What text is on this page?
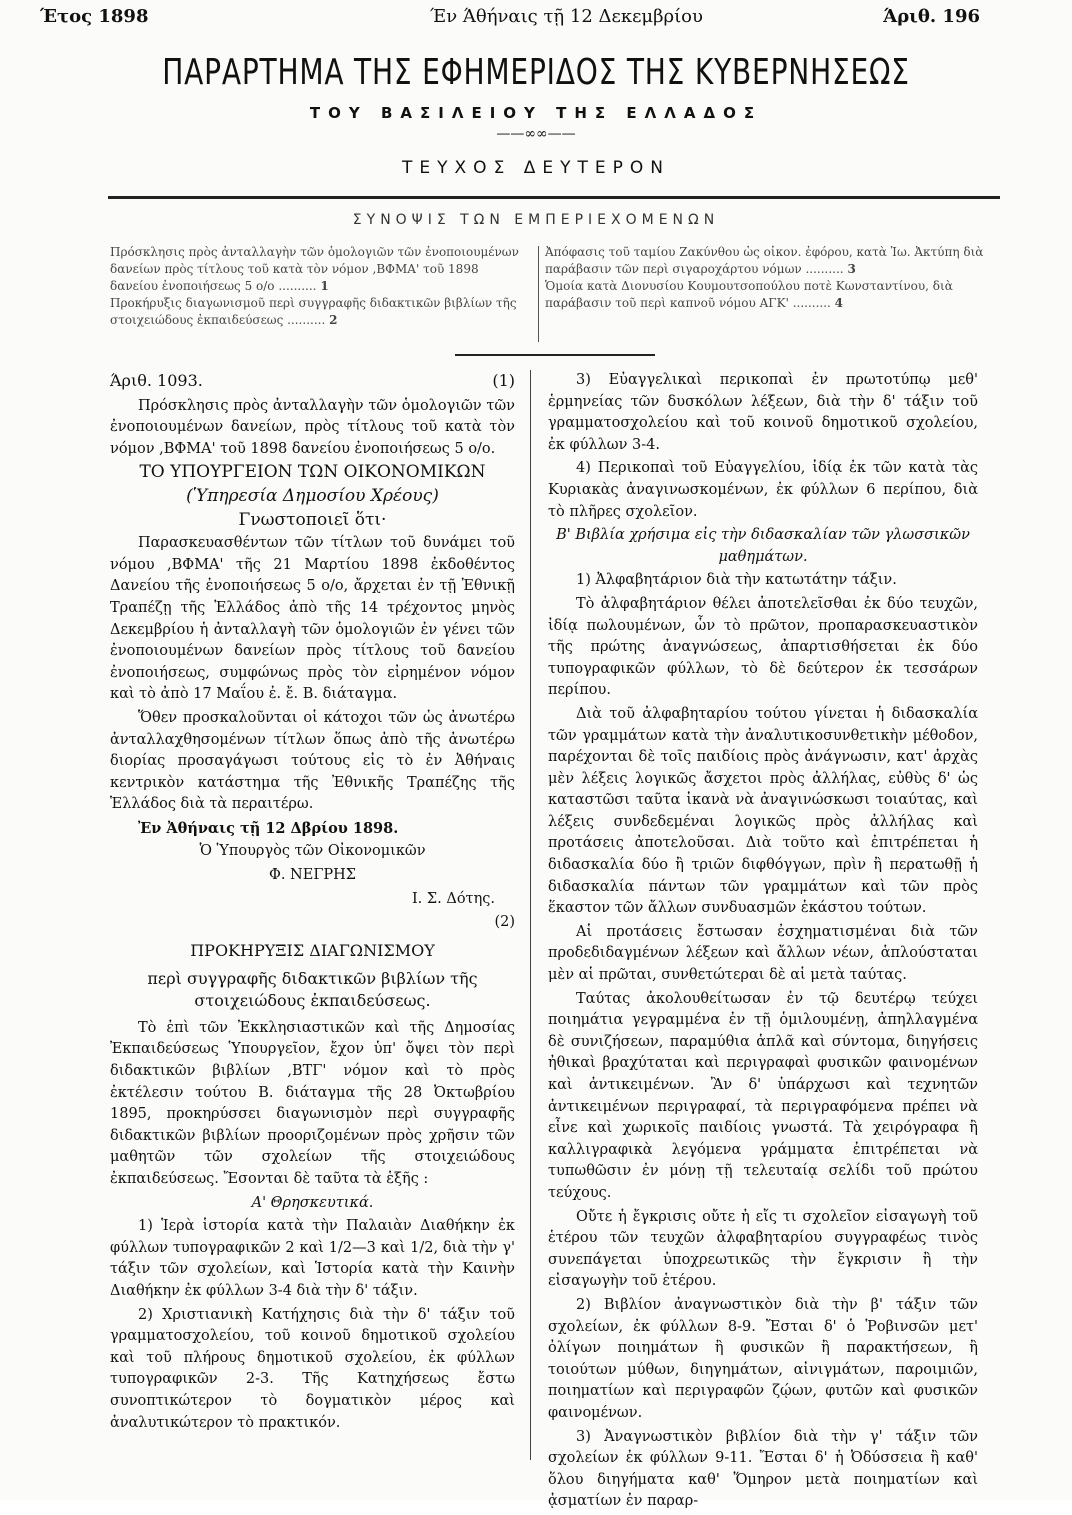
Έτος 1898	Έν Άθήναις τῇ 12 Δεκεμβρίου	Άριθ. 196
ΠΑΡΑΡΤΗΜΑ ΤΗΣ ΕΦΗΜΕΡΙΔΟΣ ΤΗΣ ΚΥΒΕΡΝΗΣΕΩΣ
ΤΟΥ ΒΑΣΙΛΕΙΟΥ ΤΗΣ ΕΛΛΑΔΟΣ
——∞∞——
ΤΕΥΧΟΣ ΔΕΥΤΕΡΟΝ
ΣΥΝΟΨΙΣ ΤΩΝ ΕΜΠΕΡΙΕΧΟΜΕΝΩΝ
Πρόσκλησις πρὸς ἀνταλλαγὴν τῶν ὁμολογιῶν τῶν ἐνοποιουμένων δανείων πρὸς τίτλους τοῦ κατὰ τὸν νόμον ,ΒΦΜΑ' τοῦ 1898 δανείου ἐνοποιήσεως 5 ο/ο .......... 1
Προκήρυξις διαγωνισμοῦ περὶ συγγραφῆς διδακτικῶν βιβλίων τῆς στοιχειώδους ἐκπαιδεύσεως .......... 2
Ἀπόφασις τοῦ ταμίου Ζακύνθου ὡς οἰκον. ἐφόρου, κατὰ Ἰω. Ἀκτύπη διὰ παράβασιν τῶν περὶ σιγαροχάρτου νόμων .......... 3
Ὁμοία κατὰ Διονυσίου Κουμουτσοπούλου ποτὲ Κωνσταντίνου, διὰ παράβασιν τοῦ περὶ καπνοῦ νόμου ΑΓΚ' .......... 4
Άριθ. 1093.	(1)

Πρόσκλησις πρὸς ἀνταλλαγὴν τῶν ὁμολογιῶν τῶν ἐνοποιουμένων δανείων, πρὸς τίτλους τοῦ κατὰ τὸν νόμον ,ΒΦΜΑ' τοῦ 1898 δανείου ἐνοποιήσεως 5 ο/ο.

ΤΟ ΥΠΟΥΡΓΕΙΟΝ ΤΩΝ ΟΙΚΟΝΟΜΙΚΩΝ

(Ὑπηρεσία Δημοσίου Χρέους)

Γνωστοποιεῖ ὅτι·

Παρασκευασθέντων τῶν τίτλων τοῦ δυνάμει τοῦ νόμου ,ΒΦΜΑ' τῆς 21 Μαρτίου 1898 ἐκδοθέντος Δανείου τῆς ἐνοποιήσεως 5 ο/ο, ἄρχεται ἐν τῇ Ἐθνικῇ Τραπέζῃ τῆς Ἑλλάδος ἀπὸ τῆς 14 τρέχοντος μηνὸς Δεκεμβρίου ἡ ἀνταλλαγὴ τῶν ὁμολογιῶν ἐν γένει τῶν ἐνοποιουμένων δανείων πρὸς τίτλους τοῦ δανείου ἐνοποιήσεως, συμφώνως πρὸς τὸν εἰρημένον νόμον καὶ τὸ ἀπὸ 17 Μαΐου ἐ. ἔ. Β. διάταγμα.

Ὅθεν προσκαλοῦνται οἱ κάτοχοι τῶν ὡς ἀνωτέρω ἀνταλλαχθησομένων τίτλων ὅπως ἀπὸ τῆς ἀνωτέρω διορίας προσαγάγωσι τούτους εἰς τὸ ἐν Ἀθήναις κεντρικὸν κατάστημα τῆς Ἐθνικῆς Τραπέζης τῆς Ἑλλάδος διὰ τὰ περαιτέρω.

Ἐν Ἀθήναις τῇ 12 Δβρίου 1898.

Ὁ Ὑπουργὸς τῶν Οἰκονομικῶν

Φ. ΝΕΓΡΗΣ

Ι. Σ. Δότης.

(2)
ΠΡΟΚΗΡΥΞΙΣ ΔΙΑΓΩΝΙΣΜΟΥ
περὶ συγγραφῆς διδακτικῶν βιβλίων τῆς στοιχειώδους ἐκπαιδεύσεως.

Τὸ ἐπὶ τῶν Ἐκκλησιαστικῶν καὶ τῆς Δημοσίας Ἐκπαιδεύσεως Ὑπουργεῖον, ἔχον ὑπ' ὄψει τὸν περὶ διδακτικῶν βιβλίων ,ΒΤΓ' νόμον καὶ τὸ πρὸς ἐκτέλεσιν τούτου Β. διάταγμα τῆς 28 Ὀκτωβρίου 1895, προκηρύσσει διαγωνισμὸν περὶ συγγραφῆς διδακτικῶν βιβλίων προοριζομένων πρὸς χρῆσιν τῶν μαθητῶν τῶν σχολείων τῆς στοιχειώδους ἐκπαιδεύσεως. Ἔσονται δὲ ταῦτα τὰ ἑξῆς :

Α' Θρησκευτικά.

1) Ἱερὰ ἱστορία κατὰ τὴν Παλαιὰν Διαθήκην ἐκ φύλλων τυπογραφικῶν 2 καὶ 1/2—3 καὶ 1/2, διὰ τὴν γ' τάξιν τῶν σχολείων, καὶ Ἱστορία κατὰ τὴν Καινὴν Διαθήκην ἐκ φύλλων 3-4 διὰ τὴν δ' τάξιν.

2) Χριστιανικὴ Κατήχησις διὰ τὴν δ' τάξιν τοῦ γραμματοσχολείου, τοῦ κοινοῦ δημοτικοῦ σχολείου καὶ τοῦ πλήρους δημοτικοῦ σχολείου, ἐκ φύλλων τυπογραφικῶν 2-3. Τῆς Κατηχήσεως ἔστω συνοπτικώτερον τὸ δογματικὸν μέρος καὶ ἀναλυτικώτερον τὸ πρακτικόν.

3) Εὐαγγελικαὶ περικοπαὶ ἐν πρωτοτύπῳ μεθ' ἑρμηνείας τῶν δυσκόλων λέξεων, διὰ τὴν δ' τάξιν τοῦ γραμματοσχολείου καὶ τοῦ κοινοῦ δημοτικοῦ σχολείου, ἐκ φύλλων 3-4.

4) Περικοπαὶ τοῦ Εὐαγγελίου, ἰδίᾳ ἐκ τῶν κατὰ τὰς Κυριακὰς ἀναγινωσκομένων, ἐκ φύλλων 6 περίπου, διὰ τὸ πλῆρες σχολεῖον.

Β' Βιβλία χρήσιμα εἰς τὴν διδασκαλίαν τῶν γλωσσικῶν μαθημάτων.

1) Ἀλφαβητάριον διὰ τὴν κατωτάτην τάξιν.

Τὸ ἀλφαβητάριον θέλει ἀποτελεῖσθαι ἐκ δύο τευχῶν, ἰδίᾳ πωλουμένων, ὧν τὸ πρῶτον, προπαρασκευαστικὸν τῆς πρώτης ἀναγνώσεως, ἀπαρτισθήσεται ἐκ δύο τυπογραφικῶν φύλλων, τὸ δὲ δεύτερον ἐκ τεσσάρων περίπου.

Διὰ τοῦ ἀλφαβηταρίου τούτου γίνεται ἡ διδασκαλία τῶν γραμμάτων κατὰ τὴν ἀναλυτικοσυνθετικὴν μέθοδον, παρέχονται δὲ τοῖς παιδίοις πρὸς ἀνάγνωσιν, κατ' ἀρχὰς μὲν λέξεις λογικῶς ἄσχετοι πρὸς ἀλλήλας, εὐθὺς δ' ὡς καταστῶσι ταῦτα ἱκανὰ νὰ ἀναγινώσκωσι τοιαύτας, καὶ λέξεις συνδεδεμέναι λογικῶς πρὸς ἀλλήλας καὶ προτάσεις ἀποτελοῦσαι. Διὰ τοῦτο καὶ ἐπιτρέπεται ἡ διδασκαλία δύο ἢ τριῶν διφθόγγων, πρὶν ἢ περατωθῇ ἡ διδασκαλία πάντων τῶν γραμμάτων καὶ τῶν πρὸς ἕκαστον τῶν ἄλλων συνδυασμῶν ἑκάστου τούτων.

Αἱ προτάσεις ἔστωσαν ἐσχηματισμέναι διὰ τῶν προδεδιδαγμένων λέξεων καὶ ἄλλων νέων, ἁπλούσταται μὲν αἱ πρῶται, συνθετώτεραι δὲ αἱ μετὰ ταύτας.

Ταύτας ἀκολουθείτωσαν ἐν τῷ δευτέρῳ τεύχει ποιημάτια γεγραμμένα ἐν τῇ ὁμιλουμένῃ, ἀπηλλαγμένα δὲ συνιζήσεων, παραμύθια ἁπλᾶ καὶ σύντομα, διηγήσεις ἠθικαὶ βραχύταται καὶ περιγραφαὶ φυσικῶν φαινομένων καὶ ἀντικειμένων. Ἂν δ' ὑπάρχωσι καὶ τεχνητῶν ἀντικειμένων περιγραφαί, τὰ περιγραφόμενα πρέπει νὰ εἶνε καὶ χωρικοῖς παιδίοις γνωστά. Τὰ χειρόγραφα ἢ καλλιγραφικὰ λεγόμενα γράμματα ἐπιτρέπεται νὰ τυπωθῶσιν ἐν μόνῃ τῇ τελευταίᾳ σελίδι τοῦ πρώτου τεύχους.

Οὔτε ἡ ἔγκρισις οὔτε ἡ εἴς τι σχολεῖον εἰσαγωγὴ τοῦ ἑτέρου τῶν τευχῶν ἀλφαβηταρίου συγγραφέως τινὸς συνεπάγεται ὑποχρεωτικῶς τὴν ἔγκρισιν ἢ τὴν εἰσαγωγὴν τοῦ ἑτέρου.

2) Βιβλίον ἀναγνωστικὸν διὰ τὴν β' τάξιν τῶν σχολείων, ἐκ φύλλων 8-9. Ἔσται δ' ὁ Ῥοβινσῶν μετ' ὀλίγων ποιημάτων ἢ φυσικῶν ἢ παρακτήσεων, ἢ τοιούτων μύθων, διηγημάτων, αἰνιγμάτων, παροιμιῶν, ποιηματίων καὶ περιγραφῶν ζῴων, φυτῶν καὶ φυσικῶν φαινομένων.

3) Ἀναγνωστικὸν βιβλίον διὰ τὴν γ' τάξιν τῶν σχολείων ἐκ φύλλων 9-11. Ἔσται δ' ἡ Ὀδύσσεια ἢ καθ' ὅλου διηγήματα καθ' Ὅμηρον μετὰ ποιηματίων καὶ ᾀσματίων ἐν παραρ-
